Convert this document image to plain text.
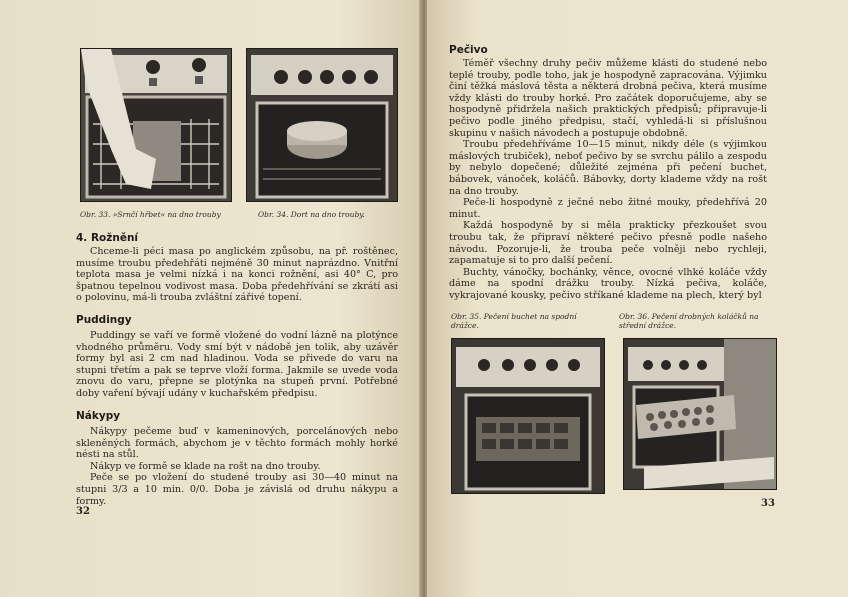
Obr. 33. »Srnčí hřbet« na dno trouby	Obr. 34. Dort na dno trouby.
4. Rožnění

Chceme-li péci masa po anglickém způsobu, na př. roštěnec, musíme troubu předehřáti nejméně 30 minut naprázdno. Vnitřní teplota masa je velmi nízká i na konci rožnění, asi 40° C, pro špatnou tepelnou vodivost masa. Doba předehřívání se zkrátí asi o polovinu, má-li trouba zvláštní zářivé topení.

Puddingy

Puddingy se vaří ve formě vložené do vodní lázně na plotýnce vhodného průměru. Vody smí být v nádobě jen tolik, aby uzávěr formy byl asi 2 cm nad hladinou. Voda se přivede do varu na stupni třetím a pak se teprve vloží forma. Jakmile se uvede voda znovu do varu, přepne se plotýnka na stupeň první. Potřebné doby vaření bývají udány v kuchařském předpisu.

Nákypy

Nákypy pečeme buď v kameninových, porcelánových nebo skleněných formách, abychom je v těchto formách mohly horké nésti na stůl.

Nákyp ve formě se klade na rošt na dno trouby.

Peče se po vložení do studené trouby asi 30—40 minut na stupni 3/3 a 10 min. 0/0. Doba je závislá od druhu nákypu a formy.

32
Pečivo

Téměř všechny druhy pečiv můžeme klásti do studené nebo teplé trouby, podle toho, jak je hospodyně zapracována. Výjimku činí těžká máslová těsta a některá drobná pečiva, která musíme vždy klásti do trouby horké. Pro začátek doporučujeme, aby se hospodyně přidržela našich praktických předpisů; připravuje-li pečivo podle jiného předpisu, stačí, vyhledá-li si příslušnou skupinu v našich návodech a postupuje obdobně.

Troubu předehříváme 10—15 minut, nikdy déle (s výjimkou máslových trubiček), neboť pečivo by se svrchu pálilo a zespodu by nebylo dopečené; důležité zejména při pečení buchet, bábovek, vánoček, koláčů. Bábovky, dorty klademe vždy na rošt na dno trouby.

Peče-li hospodyně z ječné nebo žitné mouky, předehřívá 20 minut.

Každá hospodyně by si měla prakticky přezkoušet svou troubu tak, že připraví některé pečivo přesně podle našeho návodu. Pozoruje-li, že trouba peče volněji nebo rychleji, zapamatuje si to pro další pečení.

Buchty, vánočky, bochánky, věnce, ovocné vlhké koláče vždy dáme na spodní drážku trouby. Nízká pečiva, koláče, vykrajované kousky, pečivo stříkané klademe na plech, který byl

Obr. 35. Pečení buchet na spodní drážce.
Obr. 36. Pečení drobných koláčků na střední drážce.
33
